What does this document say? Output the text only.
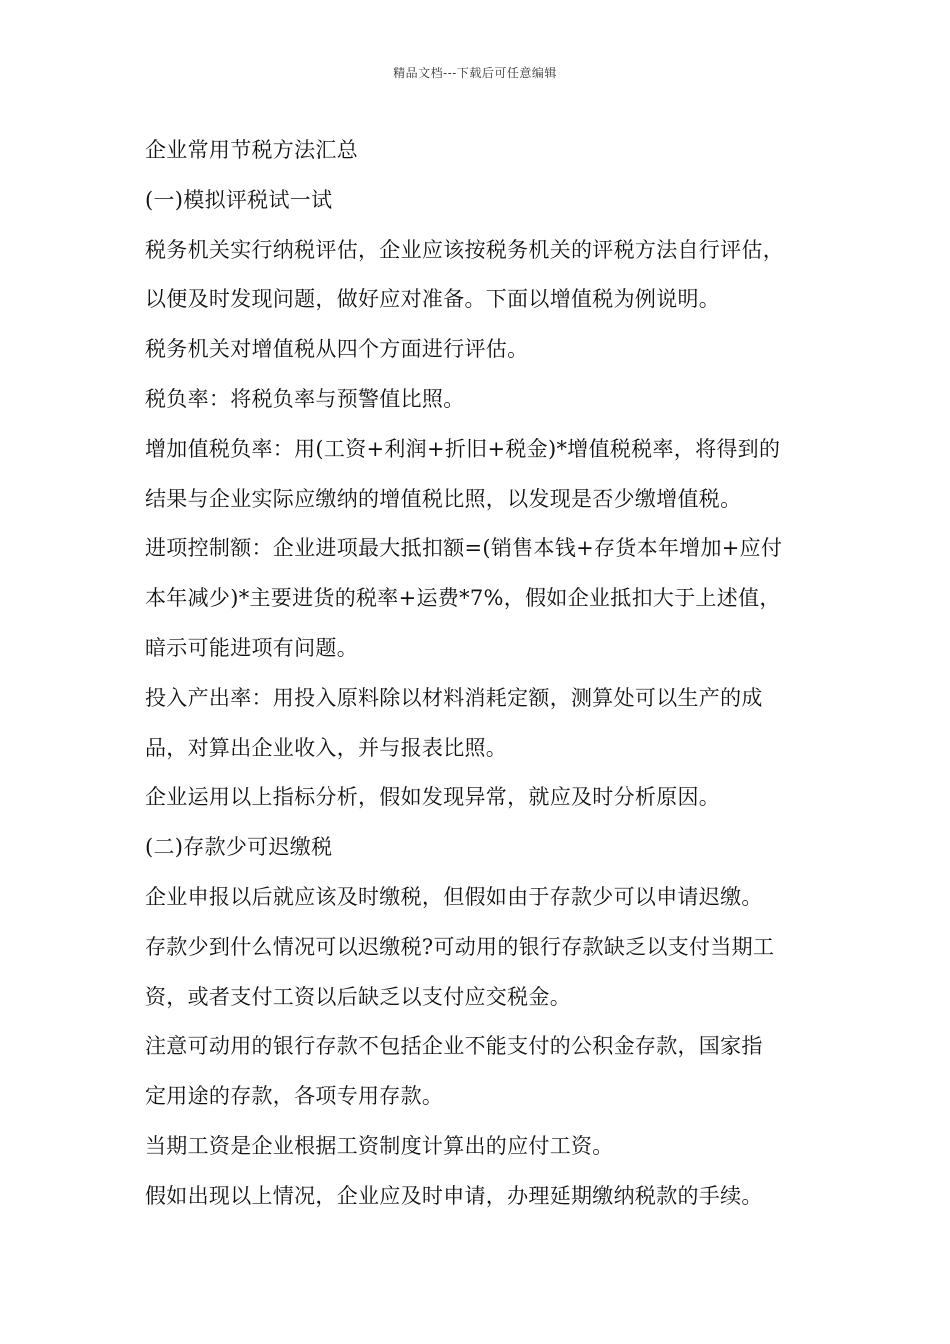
精品文档---下载后可任意编辑
企业常用节税方法汇总
(一)模拟评税试一试
税务机关实行纳税评估，企业应该按税务机关的评税方法自行评估，
以便及时发现问题，做好应对准备。下面以增值税为例说明。
税务机关对增值税从四个方面进行评估。
税负率：将税负率与预警值比照。
增加值税负率：用(工资+利润+折旧+税金)*增值税税率，将得到的
结果与企业实际应缴纳的增值税比照，以发现是否少缴增值税。
进项控制额：企业进项最大抵扣额=(销售本钱+存货本年增加+应付
本年减少)*主要进货的税率+运费*7%，假如企业抵扣大于上述值，
暗示可能进项有问题。
投入产出率：用投入原料除以材料消耗定额，测算处可以生产的成
品，对算出企业收入，并与报表比照。
企业运用以上指标分析，假如发现异常，就应及时分析原因。
(二)存款少可迟缴税
企业申报以后就应该及时缴税，但假如由于存款少可以申请迟缴。
存款少到什么情况可以迟缴税?可动用的银行存款缺乏以支付当期工
资，或者支付工资以后缺乏以支付应交税金。
注意可动用的银行存款不包括企业不能支付的公积金存款，国家指
定用途的存款，各项专用存款。
当期工资是企业根据工资制度计算出的应付工资。
假如出现以上情况，企业应及时申请，办理延期缴纳税款的手续。
